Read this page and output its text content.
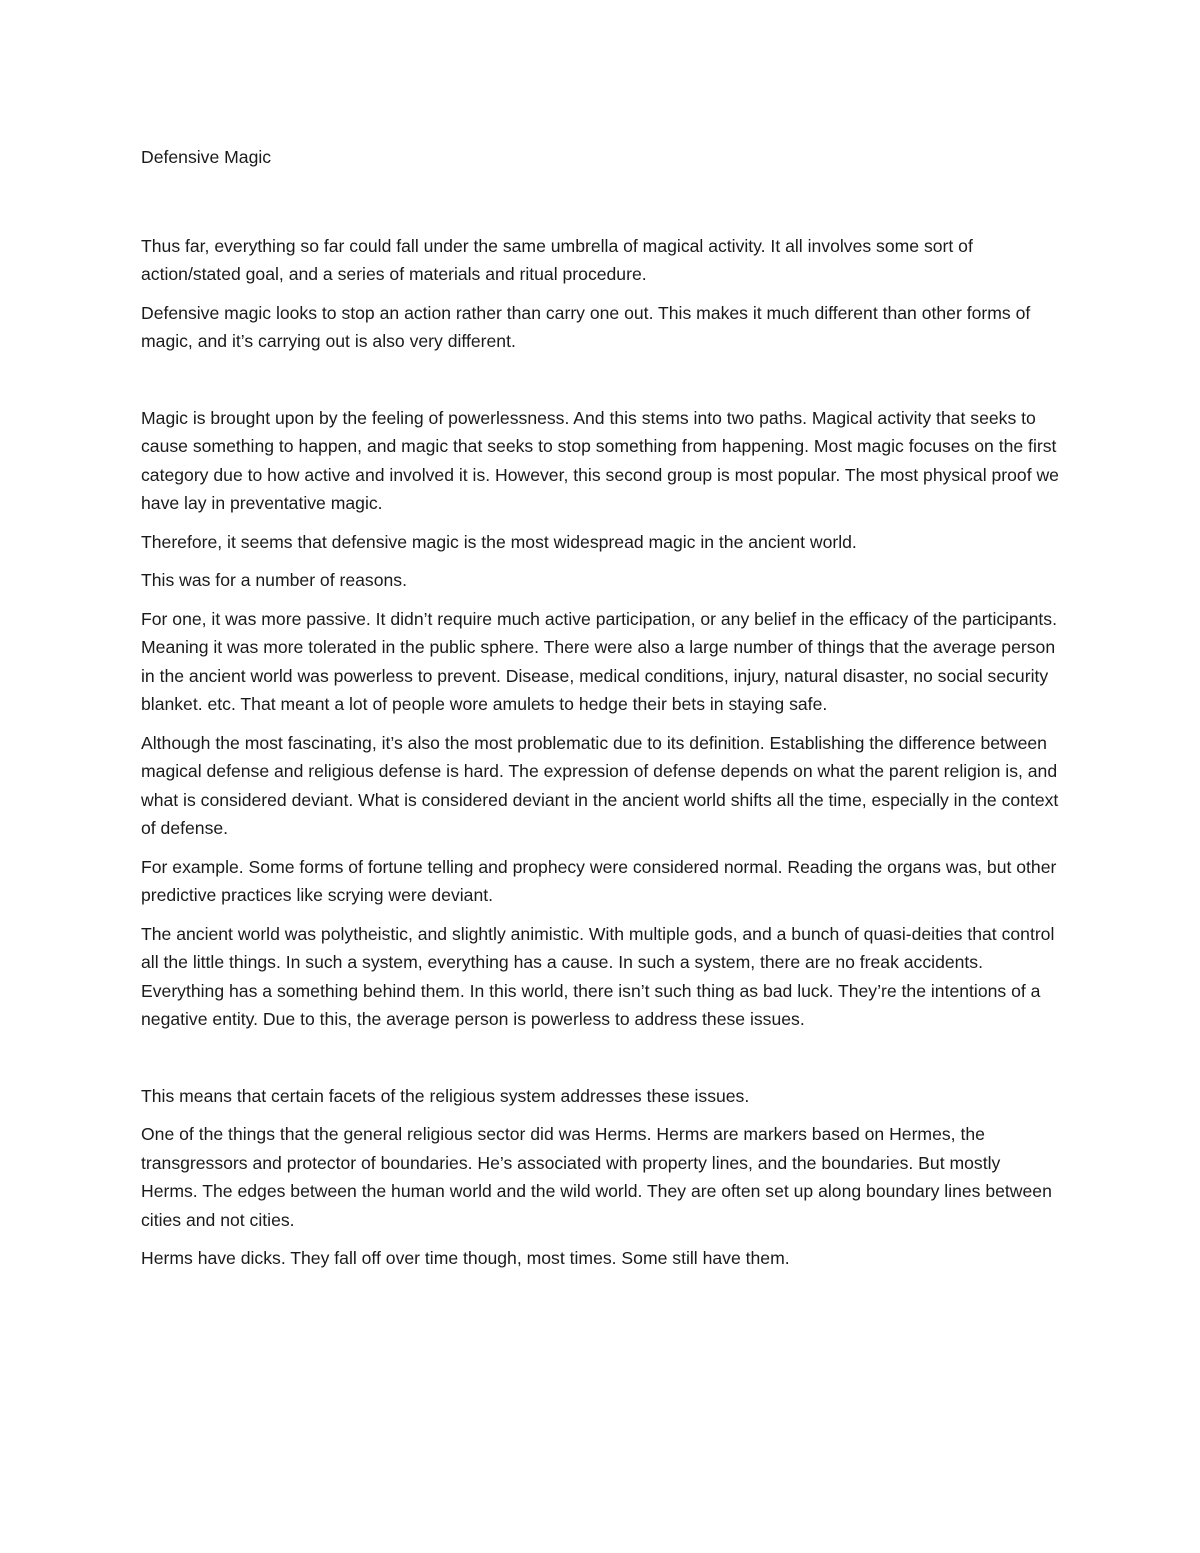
Defensive Magic

Thus far, everything so far could fall under the same umbrella of magical activity. It all involves some sort of action/stated goal, and a series of materials and ritual procedure.

Defensive magic looks to stop an action rather than carry one out. This makes it much different than other forms of magic, and it’s carrying out is also very different.

Magic is brought upon by the feeling of powerlessness. And this stems into two paths. Magical activity that seeks to cause something to happen, and magic that seeks to stop something from happening. Most magic focuses on the first category due to how active and involved it is. However, this second group is most popular. The most physical proof we have lay in preventative magic.

Therefore, it seems that defensive magic is the most widespread magic in the ancient world.

This was for a number of reasons.

For one, it was more passive. It didn’t require much active participation, or any belief in the efficacy of the participants. Meaning it was more tolerated in the public sphere. There were also a large number of things that the average person in the ancient world was powerless to prevent. Disease, medical conditions, injury, natural disaster, no social security blanket. etc. That meant a lot of people wore amulets to hedge their bets in staying safe.

Although the most fascinating, it’s also the most problematic due to its definition. Establishing the difference between magical defense and religious defense is hard. The expression of defense depends on what the parent religion is, and what is considered deviant. What is considered deviant in the ancient world shifts all the time, especially in the context of defense.

For example. Some forms of fortune telling and prophecy were considered normal. Reading the organs was, but other predictive practices like scrying were deviant.

The ancient world was polytheistic, and slightly animistic. With multiple gods, and a bunch of quasi-deities that control all the little things. In such a system, everything has a cause. In such a system, there are no freak accidents. Everything has a something behind them. In this world, there isn’t such thing as bad luck. They’re the intentions of a negative entity. Due to this, the average person is powerless to address these issues.

This means that certain facets of the religious system addresses these issues.

One of the things that the general religious sector did was Herms. Herms are markers based on Hermes, the transgressors and protector of boundaries. He’s associated with property lines, and the boundaries. But mostly Herms. The edges between the human world and the wild world. They are often set up along boundary lines between cities and not cities.

Herms have dicks. They fall off over time though, most times. Some still have them.
